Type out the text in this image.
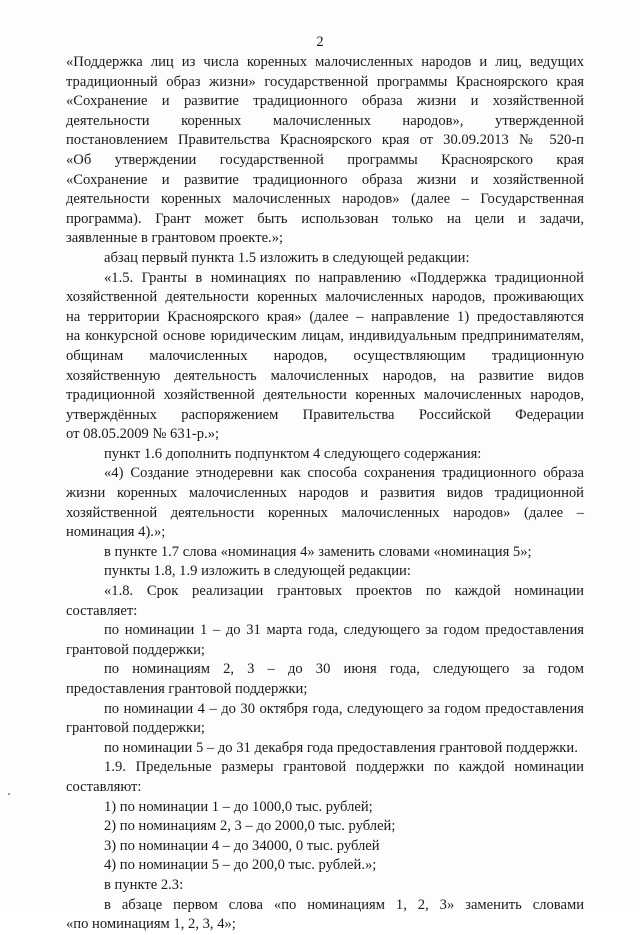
2
«Поддержка лиц из числа коренных малочисленных народов и лиц, ведущих
традиционный образ жизни» государственной программы Красноярского края
«Сохранение и развитие традиционного образа жизни и хозяйственной
деятельности коренных малочисленных народов», утвержденной
постановлением Правительства Красноярского края от 30.09.2013 № 520-п
«Об утверждении государственной программы Красноярского края
«Сохранение и развитие традиционного образа жизни и хозяйственной
деятельности коренных малочисленных народов» (далее – Государственная
программа). Грант может быть использован только на цели и задачи,
заявленные в грантовом проекте.»;
абзац первый пункта 1.5 изложить в следующей редакции:
«1.5. Гранты в номинациях по направлению «Поддержка традиционной
хозяйственной деятельности коренных малочисленных народов, проживающих
на территории Красноярского края» (далее – направление 1) предоставляются
на конкурсной основе юридическим лицам, индивидуальным предпринимателям,
общинам малочисленных народов, осуществляющим традиционную
хозяйственную деятельность малочисленных народов, на развитие видов
традиционной хозяйственной деятельности коренных малочисленных народов,
утверждённых распоряжением Правительства Российской Федерации
от 08.05.2009 № 631-р.»;
пункт 1.6 дополнить подпунктом 4 следующего содержания:
«4) Создание этнодеревни как способа сохранения традиционного образа
жизни коренных малочисленных народов и развития видов традиционной
хозяйственной деятельности коренных малочисленных народов» (далее –
номинация 4).»;
в пункте 1.7 слова «номинация 4» заменить словами «номинация 5»;
пункты 1.8, 1.9 изложить в следующей редакции:
«1.8. Срок реализации грантовых проектов по каждой номинации
составляет:
по номинации 1 – до 31 марта года, следующего за годом предоставления
грантовой поддержки;
по номинациям 2, 3 – до 30 июня года, следующего за годом
предоставления грантовой поддержки;
по номинации 4 – до 30 октября года, следующего за годом предоставления
грантовой поддержки;
по номинации 5 – до 31 декабря года предоставления грантовой поддержки.
1.9. Предельные размеры грантовой поддержки по каждой номинации
составляют:
1) по номинации 1 – до 1000,0 тыс. рублей;
2) по номинациям 2, 3 – до 2000,0 тыс. рублей;
3) по номинации 4 – до 34000, 0 тыс. рублей
4) по номинации 5 – до 200,0 тыс. рублей.»;
в пункте 2.3:
в абзаце первом слова «по номинациям 1, 2, 3» заменить словами
«по номинациям 1, 2, 3, 4»;
